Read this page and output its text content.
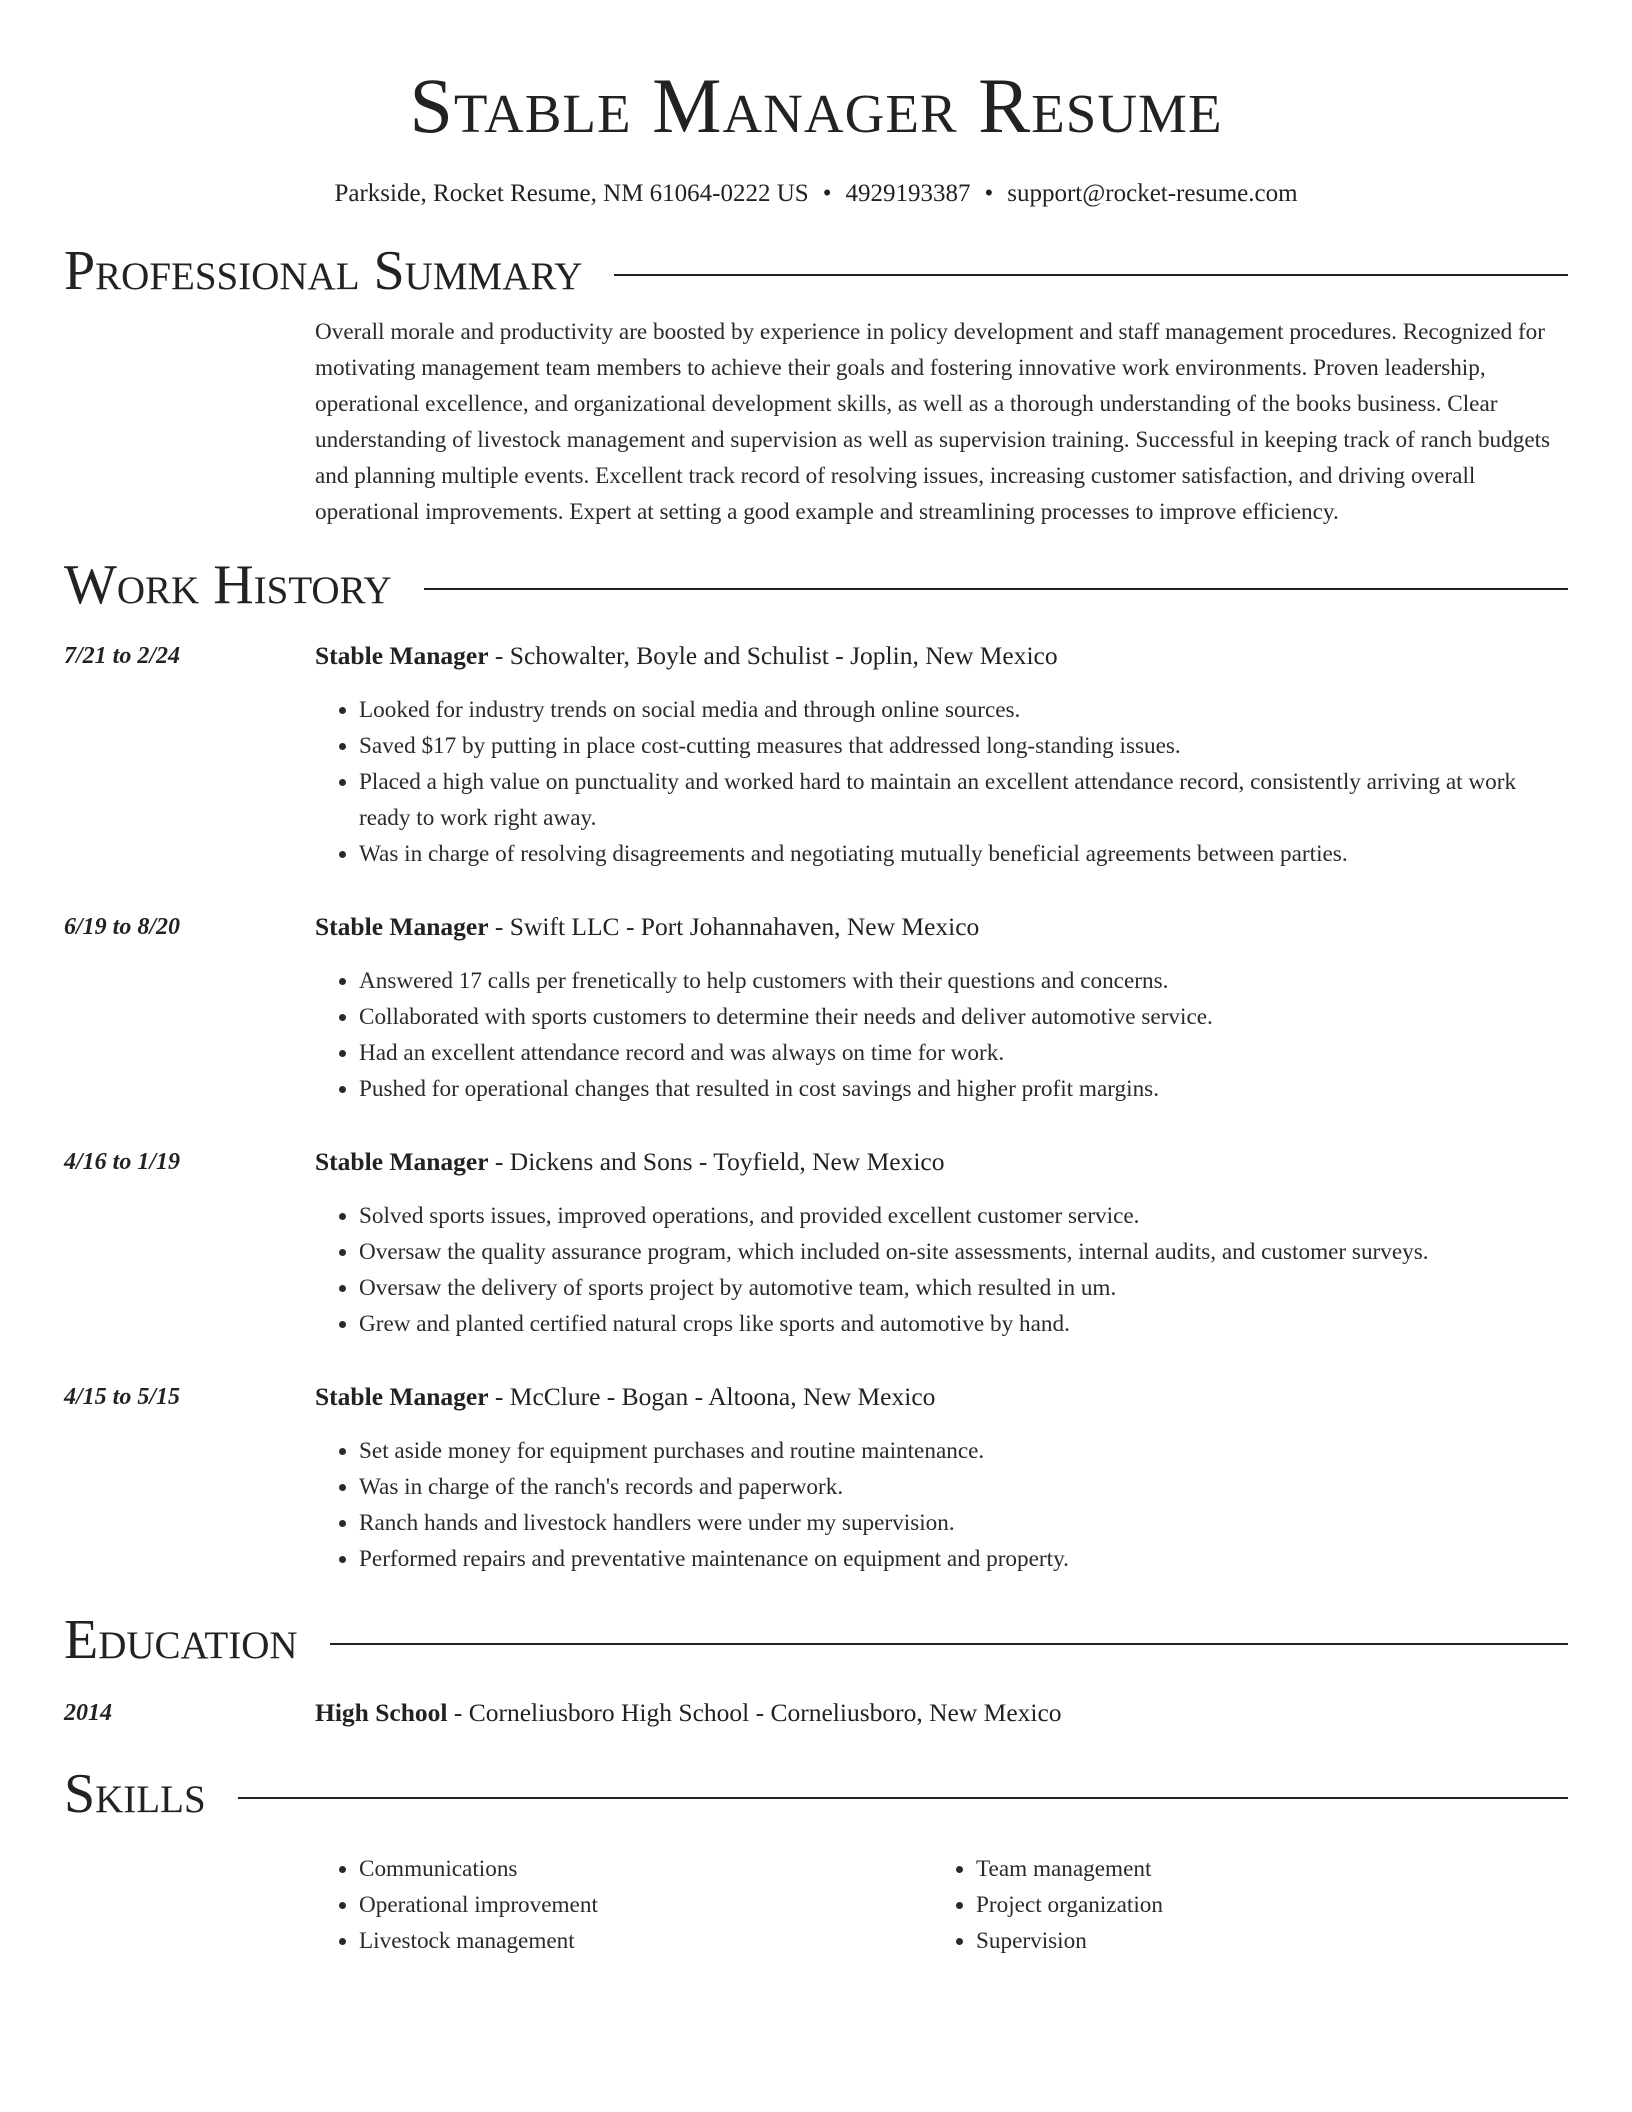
Stable Manager Resume
Parkside, Rocket Resume, NM 61064-0222 US • 4929193387 • support@rocket-resume.com
Professional Summary
Overall morale and productivity are boosted by experience in policy development and staff management procedures. Recognized for motivating management team members to achieve their goals and fostering innovative work environments. Proven leadership, operational excellence, and organizational development skills, as well as a thorough understanding of the books business. Clear understanding of livestock management and supervision as well as supervision training. Successful in keeping track of ranch budgets and planning multiple events. Excellent track record of resolving issues, increasing customer satisfaction, and driving overall operational improvements. Expert at setting a good example and streamlining processes to improve efficiency.
Work History
7/21 to 2/24	Stable Manager - Schowalter, Boyle and Schulist - Joplin, New Mexico
• Looked for industry trends on social media and through online sources.
• Saved $17 by putting in place cost-cutting measures that addressed long-standing issues.
• Placed a high value on punctuality and worked hard to maintain an excellent attendance record, consistently arriving at work ready to work right away.
• Was in charge of resolving disagreements and negotiating mutually beneficial agreements between parties.
6/19 to 8/20	Stable Manager - Swift LLC - Port Johannahaven, New Mexico
• Answered 17 calls per frenetically to help customers with their questions and concerns.
• Collaborated with sports customers to determine their needs and deliver automotive service.
• Had an excellent attendance record and was always on time for work.
• Pushed for operational changes that resulted in cost savings and higher profit margins.
4/16 to 1/19	Stable Manager - Dickens and Sons - Toyfield, New Mexico
• Solved sports issues, improved operations, and provided excellent customer service.
• Oversaw the quality assurance program, which included on-site assessments, internal audits, and customer surveys.
• Oversaw the delivery of sports project by automotive team, which resulted in um.
• Grew and planted certified natural crops like sports and automotive by hand.
4/15 to 5/15	Stable Manager - McClure - Bogan - Altoona, New Mexico
• Set aside money for equipment purchases and routine maintenance.
• Was in charge of the ranch's records and paperwork.
• Ranch hands and livestock handlers were under my supervision.
• Performed repairs and preventative maintenance on equipment and property.
Education
2014	High School - Corneliusboro High School - Corneliusboro, New Mexico
Skills
• Communications
• Operational improvement
• Livestock management
• Team management
• Project organization
• Supervision
